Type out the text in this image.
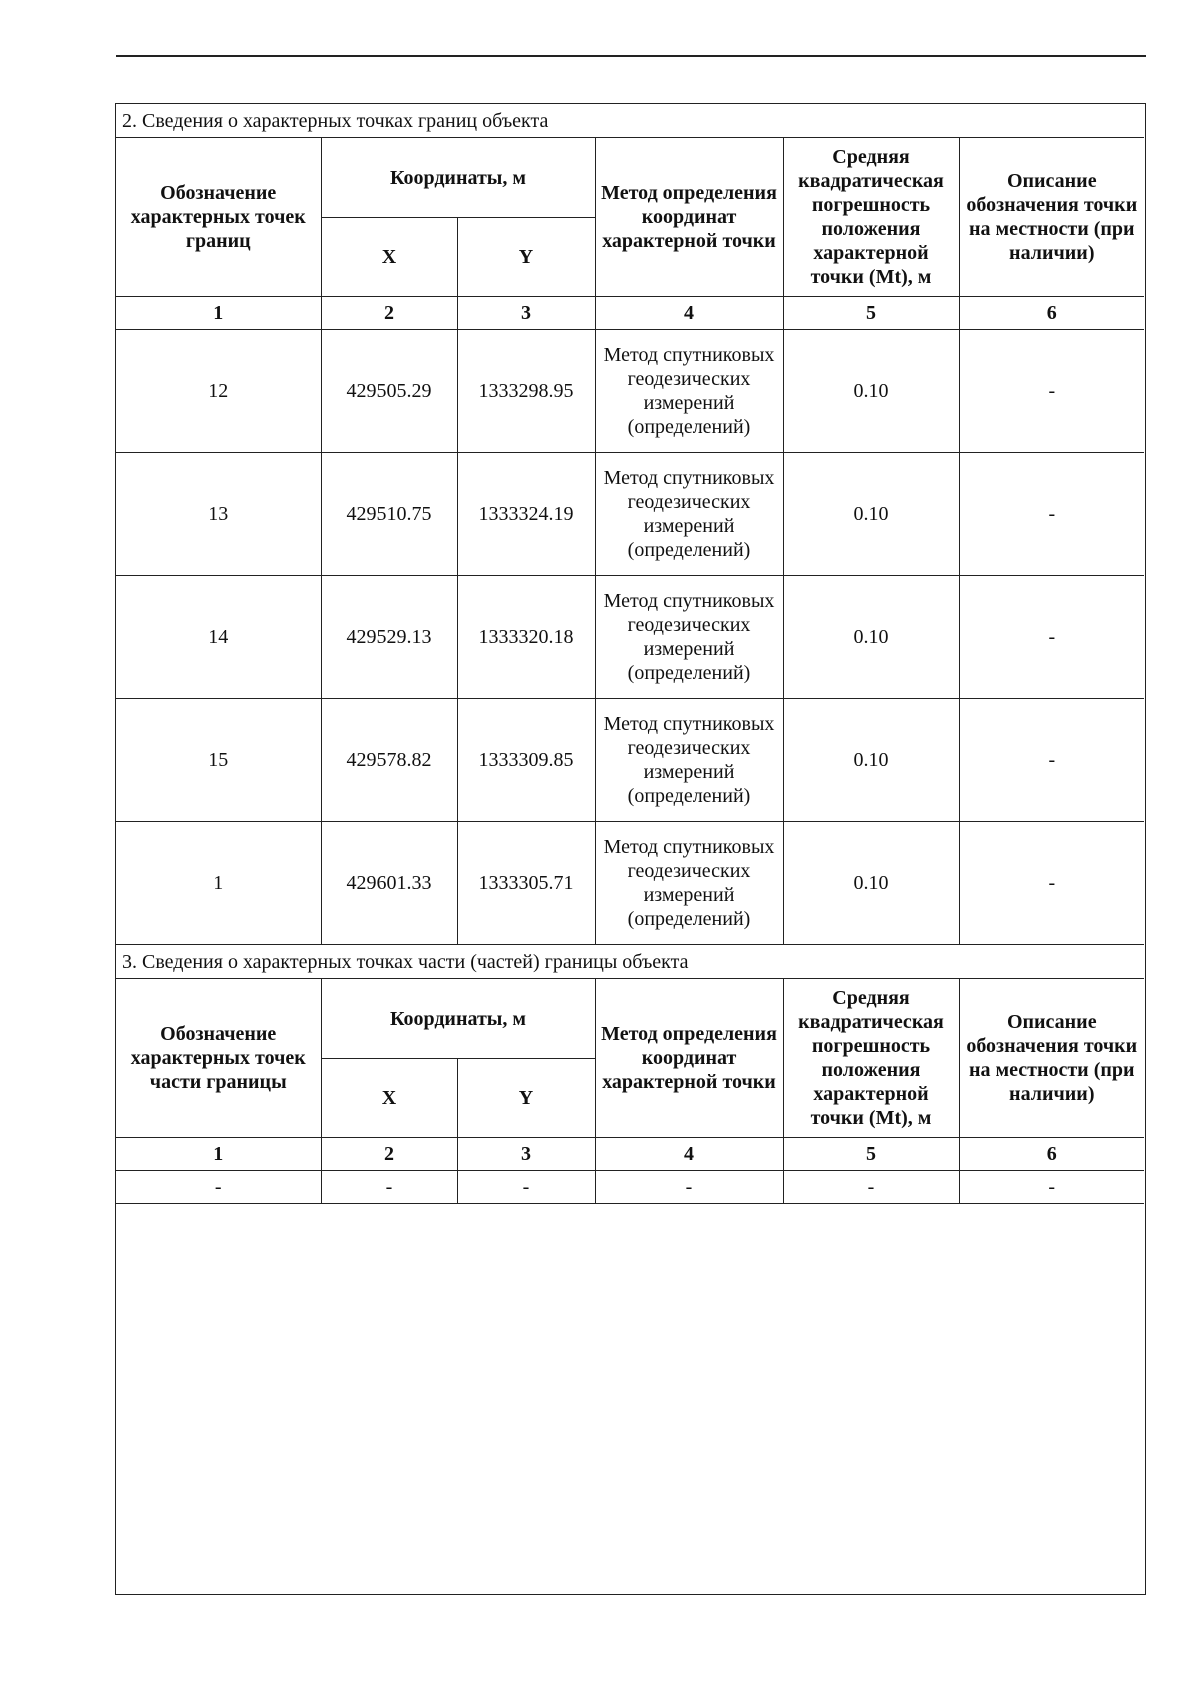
2. Сведения о характерных точках границ объекта					
Обозначение характерных точек границ	Координаты, м		Метод определения координат характерной точки	Средняя квадратическая погрешность положения характерной точки (Mt), м	Описание обозначения точки на местности (при наличии)
	X	Y			
1	2	3	4	5	6
12	429505.29	1333298.95	Метод спутниковых геодезических измерений (определений)	0.10	-
13	429510.75	1333324.19	Метод спутниковых геодезических измерений (определений)	0.10	-
14	429529.13	1333320.18	Метод спутниковых геодезических измерений (определений)	0.10	-
15	429578.82	1333309.85	Метод спутниковых геодезических измерений (определений)	0.10	-
1	429601.33	1333305.71	Метод спутниковых геодезических измерений (определений)	0.10	-
3. Сведения о характерных точках части (частей) границы объекта					
Обозначение характерных точек части границы	Координаты, м		Метод определения координат характерной точки	Средняя квадратическая погрешность положения характерной точки (Mt), м	Описание обозначения точки на местности (при наличии)
	X	Y			
1	2	3	4	5	6
-	-	-	-	-	-
